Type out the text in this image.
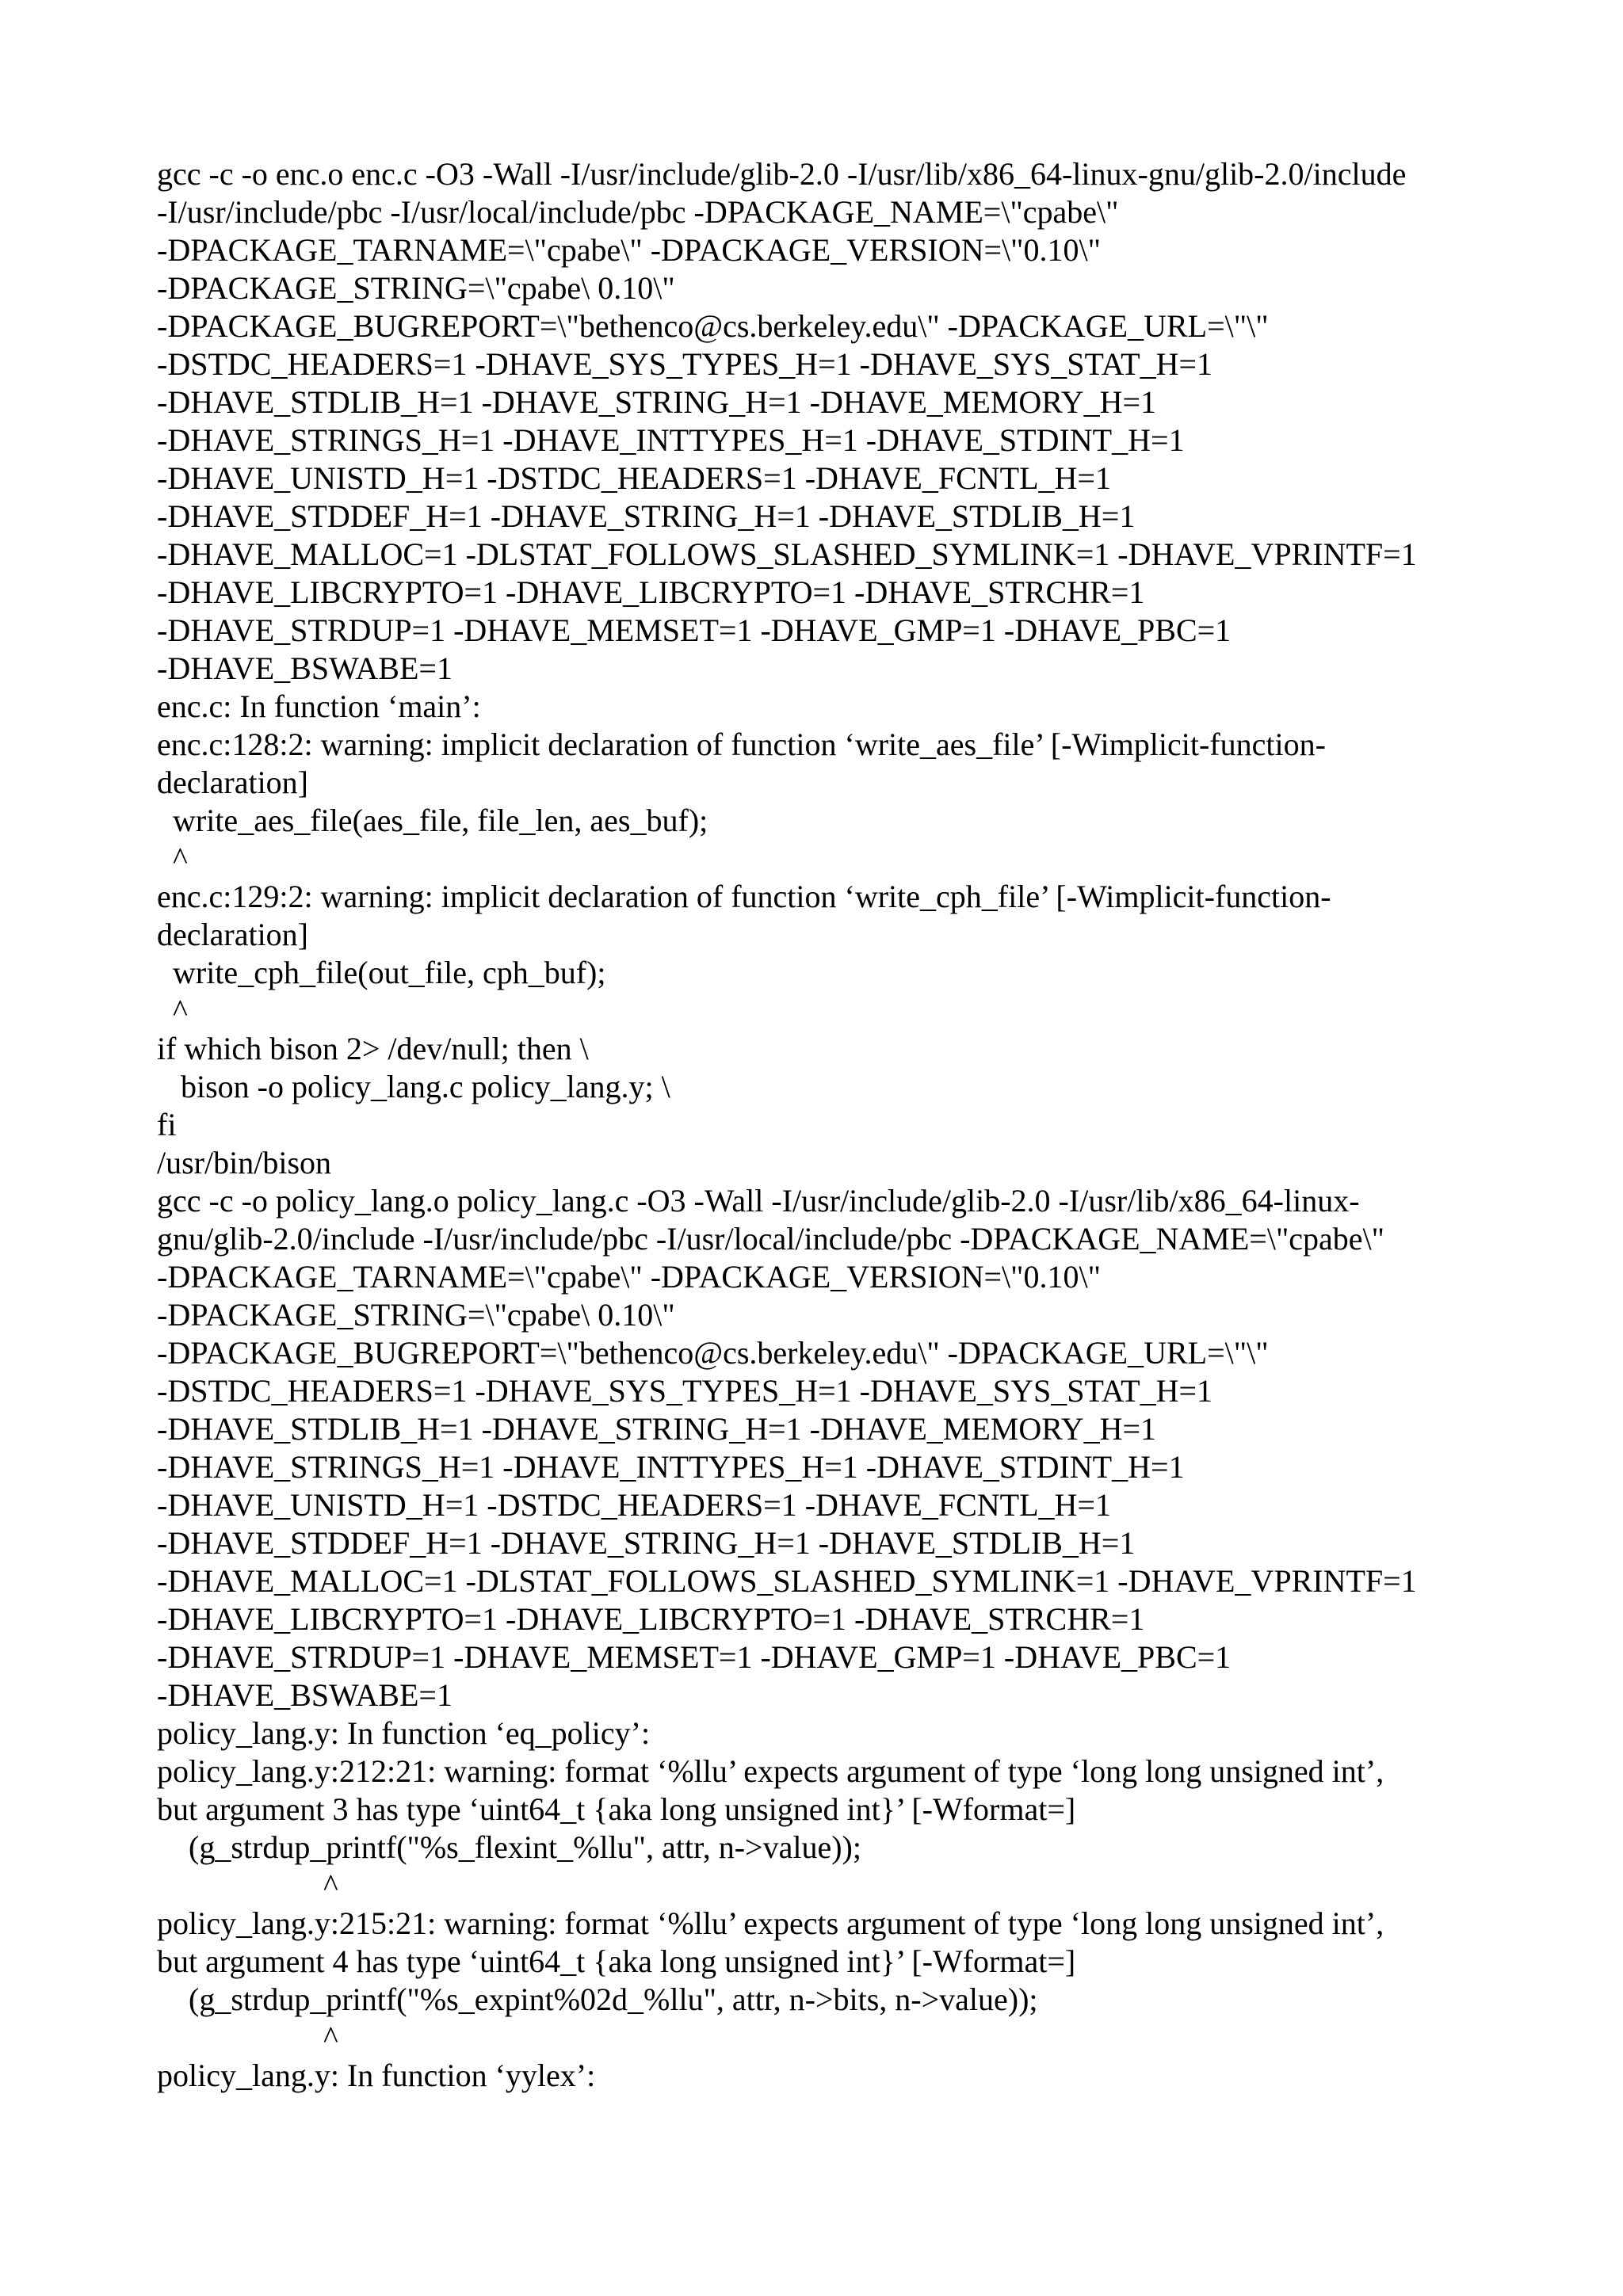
gcc -c -o enc.o enc.c -O3 -Wall -I/usr/include/glib-2.0 -I/usr/lib/x86_64-linux-gnu/glib-2.0/include
-I/usr/include/pbc -I/usr/local/include/pbc -DPACKAGE_NAME=\"cpabe\"
-DPACKAGE_TARNAME=\"cpabe\" -DPACKAGE_VERSION=\"0.10\"
-DPACKAGE_STRING=\"cpabe\ 0.10\"
-DPACKAGE_BUGREPORT=\"bethenco@cs.berkeley.edu\" -DPACKAGE_URL=\"\"
-DSTDC_HEADERS=1 -DHAVE_SYS_TYPES_H=1 -DHAVE_SYS_STAT_H=1
-DHAVE_STDLIB_H=1 -DHAVE_STRING_H=1 -DHAVE_MEMORY_H=1
-DHAVE_STRINGS_H=1 -DHAVE_INTTYPES_H=1 -DHAVE_STDINT_H=1
-DHAVE_UNISTD_H=1 -DSTDC_HEADERS=1 -DHAVE_FCNTL_H=1
-DHAVE_STDDEF_H=1 -DHAVE_STRING_H=1 -DHAVE_STDLIB_H=1
-DHAVE_MALLOC=1 -DLSTAT_FOLLOWS_SLASHED_SYMLINK=1 -DHAVE_VPRINTF=1
-DHAVE_LIBCRYPTO=1 -DHAVE_LIBCRYPTO=1 -DHAVE_STRCHR=1
-DHAVE_STRDUP=1 -DHAVE_MEMSET=1 -DHAVE_GMP=1 -DHAVE_PBC=1
-DHAVE_BSWABE=1
enc.c: In function ‘main’:
enc.c:128:2: warning: implicit declaration of function ‘write_aes_file’ [-Wimplicit-function-
declaration]
write_aes_file(aes_file, file_len, aes_buf);
^
enc.c:129:2: warning: implicit declaration of function ‘write_cph_file’ [-Wimplicit-function-
declaration]
write_cph_file(out_file, cph_buf);
^
if which bison 2> /dev/null; then \
bison -o policy_lang.c policy_lang.y; \
fi
/usr/bin/bison
gcc -c -o policy_lang.o policy_lang.c -O3 -Wall -I/usr/include/glib-2.0 -I/usr/lib/x86_64-linux-
gnu/glib-2.0/include -I/usr/include/pbc -I/usr/local/include/pbc -DPACKAGE_NAME=\"cpabe\"
-DPACKAGE_TARNAME=\"cpabe\" -DPACKAGE_VERSION=\"0.10\"
-DPACKAGE_STRING=\"cpabe\ 0.10\"
-DPACKAGE_BUGREPORT=\"bethenco@cs.berkeley.edu\" -DPACKAGE_URL=\"\"
-DSTDC_HEADERS=1 -DHAVE_SYS_TYPES_H=1 -DHAVE_SYS_STAT_H=1
-DHAVE_STDLIB_H=1 -DHAVE_STRING_H=1 -DHAVE_MEMORY_H=1
-DHAVE_STRINGS_H=1 -DHAVE_INTTYPES_H=1 -DHAVE_STDINT_H=1
-DHAVE_UNISTD_H=1 -DSTDC_HEADERS=1 -DHAVE_FCNTL_H=1
-DHAVE_STDDEF_H=1 -DHAVE_STRING_H=1 -DHAVE_STDLIB_H=1
-DHAVE_MALLOC=1 -DLSTAT_FOLLOWS_SLASHED_SYMLINK=1 -DHAVE_VPRINTF=1
-DHAVE_LIBCRYPTO=1 -DHAVE_LIBCRYPTO=1 -DHAVE_STRCHR=1
-DHAVE_STRDUP=1 -DHAVE_MEMSET=1 -DHAVE_GMP=1 -DHAVE_PBC=1
-DHAVE_BSWABE=1
policy_lang.y: In function ‘eq_policy’:
policy_lang.y:212:21: warning: format ‘%llu’ expects argument of type ‘long long unsigned int’,
but argument 3 has type ‘uint64_t {aka long unsigned int}’ [-Wformat=]
(g_strdup_printf("%s_flexint_%llu", attr, n->value));
^
policy_lang.y:215:21: warning: format ‘%llu’ expects argument of type ‘long long unsigned int’,
but argument 4 has type ‘uint64_t {aka long unsigned int}’ [-Wformat=]
(g_strdup_printf("%s_expint%02d_%llu", attr, n->bits, n->value));
^
policy_lang.y: In function ‘yylex’:
